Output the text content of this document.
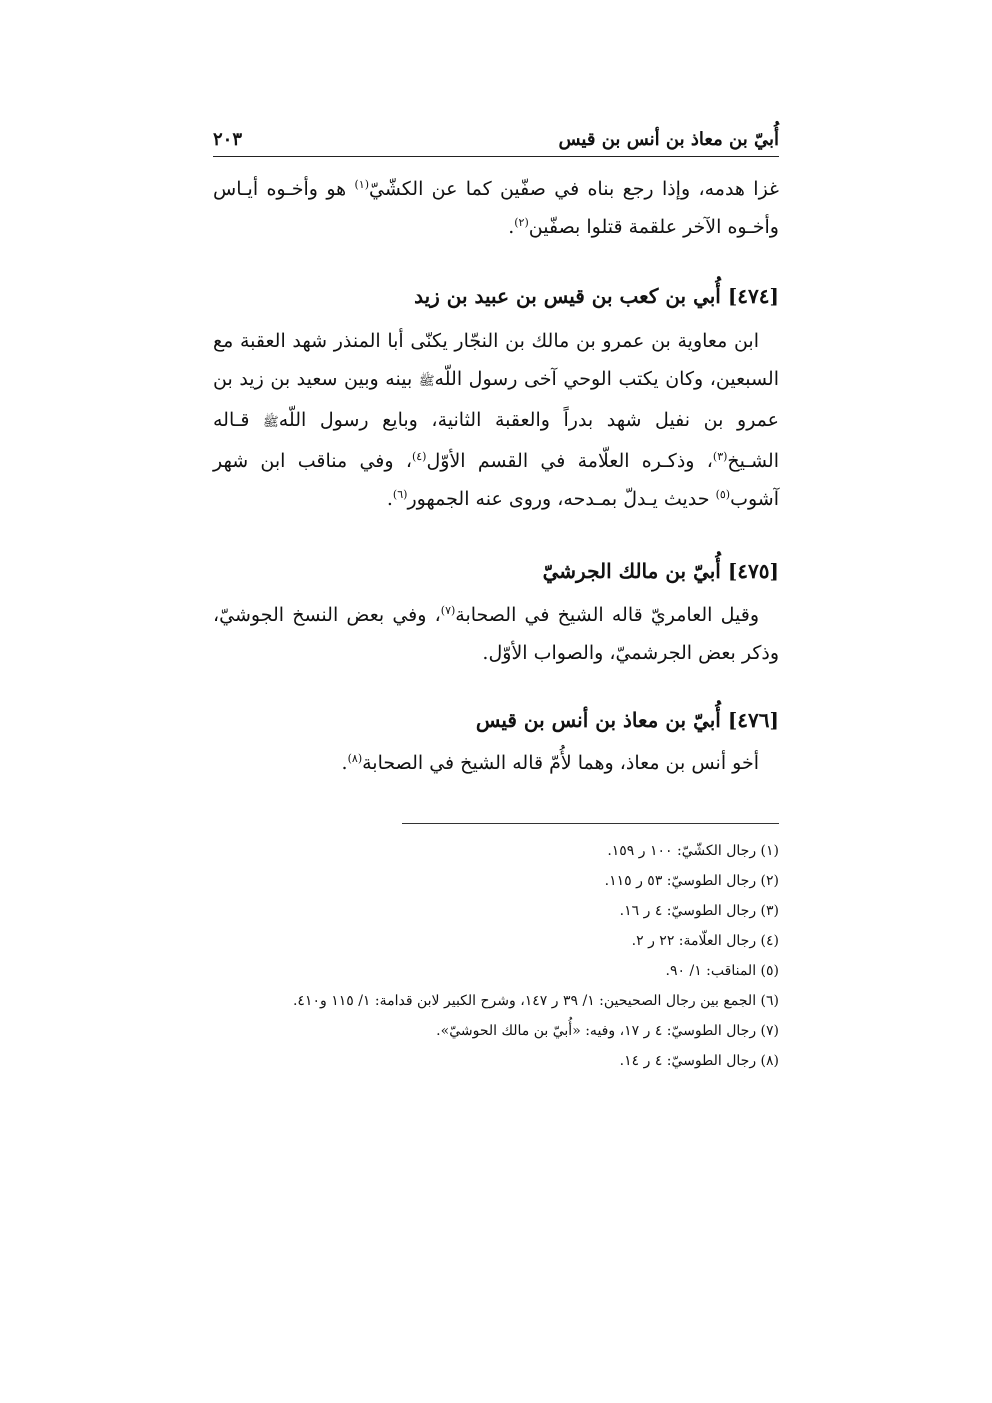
أُبيّ بن معاذ بن أنس بن قيس
٢٠٣

غزا هدمه، وإذا رجع بناه في صفّين كما عن الكشّيّ$^{(١)}$ هو وأخـوه أيـاس وأخـوه الآخر علقمة قتلوا بصفّين$^{(٢)}$.

[٤٧٤] أُبي بن كعب بن قيس بن عبيد بن زيد

ابن معاوية بن عمرو بن مالك بن النجّار يكنّى أبا المنذر شهد العقبة مع السبعين، وكان يكتب الوحي آخى رسول اللّهﷺ بينه وبين سعيد بن زيد بن عمرو بن نفيل شهد بدراً والعقبة الثانية، وبايع رسول اللّهﷺ قـاله الشـيخ$^{(٣)}$، وذكـره العلّامة في القسم الأوّل$^{(٤)}$، وفي مناقب ابن شهر آشوب$^{(٥)}$ حديث يـدلّ بمـدحه، وروى عنه الجمهور$^{(٦)}$.

[٤٧٥] أُبيّ بن مالك الجرشيّ

وقيل العامريّ قاله الشيخ في الصحابة$^{(٧)}$، وفي بعض النسخ الجوشيّ، وذكر بعض الجرشميّ، والصواب الأوّل.

[٤٧٦] أُبيّ بن معاذ بن أنس بن قيس

أخو أنس بن معاذ، وهما لأُمّ قاله الشيخ في الصحابة$^{(٨)}$.

(١) رجال الكشّيّ: ١٠٠ ر ١٥٩.
(٢) رجال الطوسيّ: ٥٣ ر ١١٥.
(٣) رجال الطوسيّ: ٤ ر ١٦.
(٤) رجال العلّامة: ٢٢ ر ٢.
(٥) المناقب: ١/ ٩٠.
(٦) الجمع بين رجال الصحيحين: ١/ ٣٩ ر ١٤٧، وشرح الكبير لابن قدامة: ١/ ١١٥ و٤١٠.
(٧) رجال الطوسيّ: ٤ ر ١٧، وفيه: «أُبيّ بن مالك الحوشيّ».
(٨) رجال الطوسيّ: ٤ ر ١٤.
